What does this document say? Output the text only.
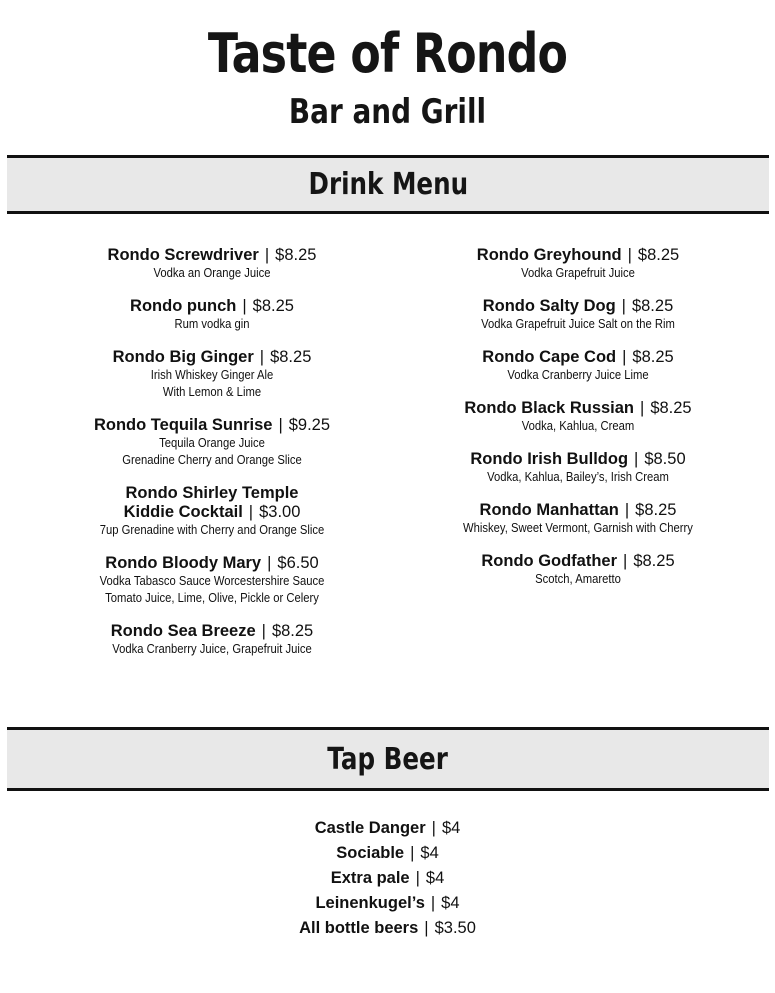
Taste of Rondo
Bar and Grill
Drink Menu
Rondo Screwdriver | $8.25
Vodka an Orange Juice
Rondo punch | $8.25
Rum vodka gin
Rondo Big Ginger | $8.25
Irish Whiskey Ginger Ale
With Lemon & Lime
Rondo Tequila Sunrise | $9.25
Tequila Orange Juice
Grenadine Cherry and Orange Slice
Rondo Shirley Temple
Kiddie Cocktail | $3.00
7up Grenadine with Cherry and Orange Slice
Rondo Bloody Mary | $6.50
Vodka Tabasco Sauce Worcestershire Sauce
Tomato Juice, Lime, Olive, Pickle or Celery
Rondo Sea Breeze | $8.25
Vodka Cranberry Juice, Grapefruit Juice
Rondo Greyhound | $8.25
Vodka Grapefruit Juice
Rondo Salty Dog | $8.25
Vodka Grapefruit Juice Salt on the Rim
Rondo Cape Cod | $8.25
Vodka Cranberry Juice Lime
Rondo Black Russian | $8.25
Vodka, Kahlua, Cream
Rondo Irish Bulldog | $8.50
Vodka, Kahlua, Bailey’s, Irish Cream
Rondo Manhattan | $8.25
Whiskey, Sweet Vermont, Garnish with Cherry
Rondo Godfather | $8.25
Scotch, Amaretto
Tap Beer
Castle Danger | $4
Sociable | $4
Extra pale | $4
Leinenkugel’s | $4
All bottle beers | $3.50
